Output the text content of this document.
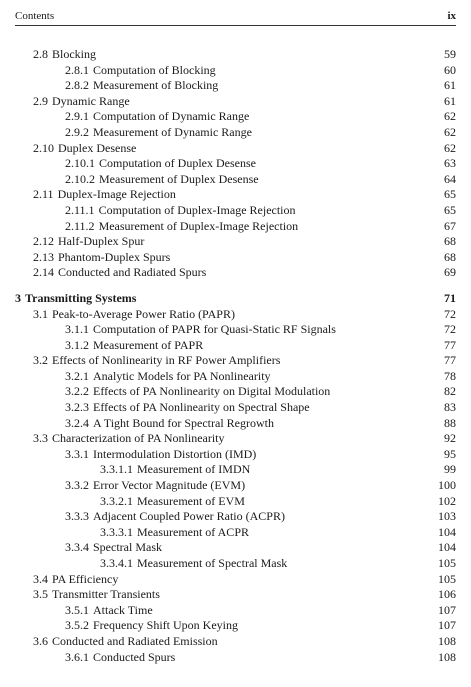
Contents	ix
2.8 Blocking	59
2.8.1 Computation of Blocking	60
2.8.2 Measurement of Blocking	61
2.9 Dynamic Range	61
2.9.1 Computation of Dynamic Range	62
2.9.2 Measurement of Dynamic Range	62
2.10 Duplex Desense	62
2.10.1 Computation of Duplex Desense	63
2.10.2 Measurement of Duplex Desense	64
2.11 Duplex-Image Rejection	65
2.11.1 Computation of Duplex-Image Rejection	65
2.11.2 Measurement of Duplex-Image Rejection	67
2.12 Half-Duplex Spur	68
2.13 Phantom-Duplex Spurs	68
2.14 Conducted and Radiated Spurs	69
3 Transmitting Systems	71
3.1 Peak-to-Average Power Ratio (PAPR)	72
3.1.1 Computation of PAPR for Quasi-Static RF Signals	72
3.1.2 Measurement of PAPR	77
3.2 Effects of Nonlinearity in RF Power Amplifiers	77
3.2.1 Analytic Models for PA Nonlinearity	78
3.2.2 Effects of PA Nonlinearity on Digital Modulation	82
3.2.3 Effects of PA Nonlinearity on Spectral Shape	83
3.2.4 A Tight Bound for Spectral Regrowth	88
3.3 Characterization of PA Nonlinearity	92
3.3.1 Intermodulation Distortion (IMD)	95
3.3.1.1 Measurement of IMDN	99
3.3.2 Error Vector Magnitude (EVM)	100
3.3.2.1 Measurement of EVM	102
3.3.3 Adjacent Coupled Power Ratio (ACPR)	103
3.3.3.1 Measurement of ACPR	104
3.3.4 Spectral Mask	104
3.3.4.1 Measurement of Spectral Mask	105
3.4 PA Efficiency	105
3.5 Transmitter Transients	106
3.5.1 Attack Time	107
3.5.2 Frequency Shift Upon Keying	107
3.6 Conducted and Radiated Emission	108
3.6.1 Conducted Spurs	108
